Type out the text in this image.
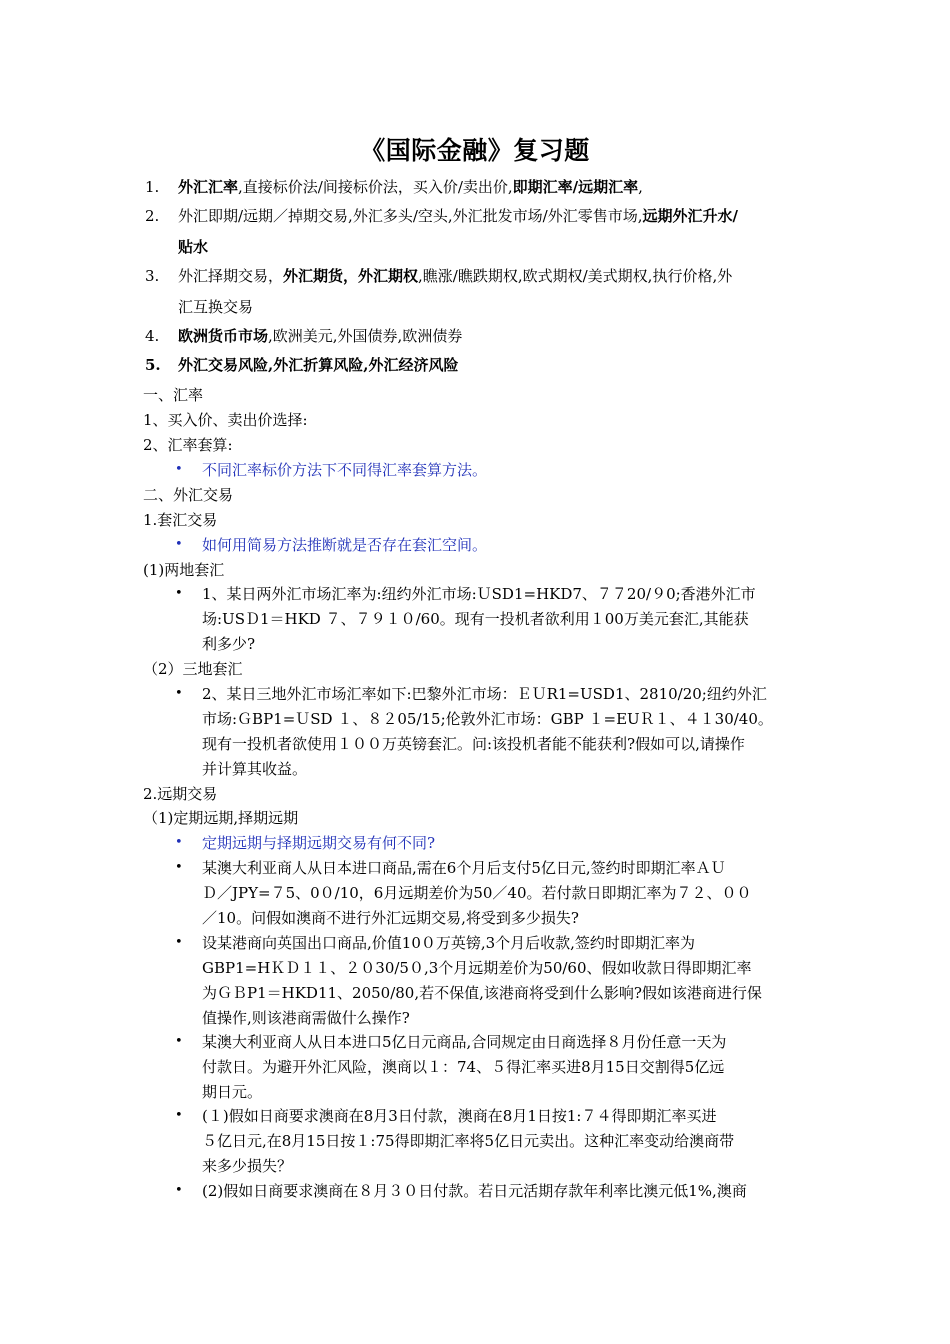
《国际金融》复习题
1. 外汇汇率,直接标价法/间接标价法，买入价/卖出价,即期汇率/远期汇率,
2. 外汇即期/远期／掉期交易,外汇多头/空头,外汇批发市场/外汇零售市场,远期外汇升水/
贴水
3. 外汇择期交易，外汇期货，外汇期权,瞧涨/瞧跌期权,欧式期权/美式期权,执行价格,外
汇互换交易
4. 欧洲货币市场,欧洲美元,外国债券,欧洲债券
5. 外汇交易风险,外汇折算风险,外汇经济风险
一、汇率
1、买入价、卖出价选择:
2、汇率套算:
• 不同汇率标价方法下不同得汇率套算方法。
二、外汇交易
1.套汇交易
• 如何用简易方法推断就是否存在套汇空间。
(1)两地套汇
• 1、某日两外汇市场汇率为:纽约外汇市场:ＵSD1=HKD7、７７20/９0;香港外汇市
场:USＤ1＝HKD ７、７９１０/60。现有一投机者欲利用１00万美元套汇,其能获
利多少?
（2）三地套汇
• 2、某日三地外汇市场汇率如下:巴黎外汇市场：ＥＵR1=USD1、2810/20;纽约外汇
市场:ＧBP1=ＵSD １、８２05/15;伦敦外汇市场：GBP １=EUＲ１、４１30/40。
现有一投机者欲使用１００万英镑套汇。问:该投机者能不能获利?假如可以,请操作
并计算其收益。
2.远期交易
（1)定期远期,择期远期
• 定期远期与择期远期交易有何不同?
• 某澳大利亚商人从日本进口商品,需在6个月后支付5亿日元,签约时即期汇率ＡＵ
Ｄ／JPY=７5、0０/10，6月远期差价为50／40。若付款日即期汇率为７２、００
／10。问假如澳商不进行外汇远期交易,将受到多少损失?
• 设某港商向英国出口商品,价值10０万英镑,3个月后收款,签约时即期汇率为
GBP1=HＫＤ１１、２０30/5０,3个月远期差价为50/60、假如收款日得即期汇率
为ＧＢP1＝HKD11、2050/80,若不保值,该港商将受到什么影响?假如该港商进行保
值操作,则该港商需做什么操作?
• 某澳大利亚商人从日本进口5亿日元商品,合同规定由日商选择８月份任意一天为
付款日。为避开外汇风险，澳商以１：74、５得汇率买进8月15日交割得5亿远
期日元。
• (１)假如日商要求澳商在8月3日付款，澳商在8月1日按1:７４得即期汇率买进
５亿日元,在8月15日按１:75得即期汇率将5亿日元卖出。这种汇率变动给澳商带
来多少损失？
• (2)假如日商要求澳商在８月３０日付款。若日元活期存款年利率比澳元低1%,澳商
